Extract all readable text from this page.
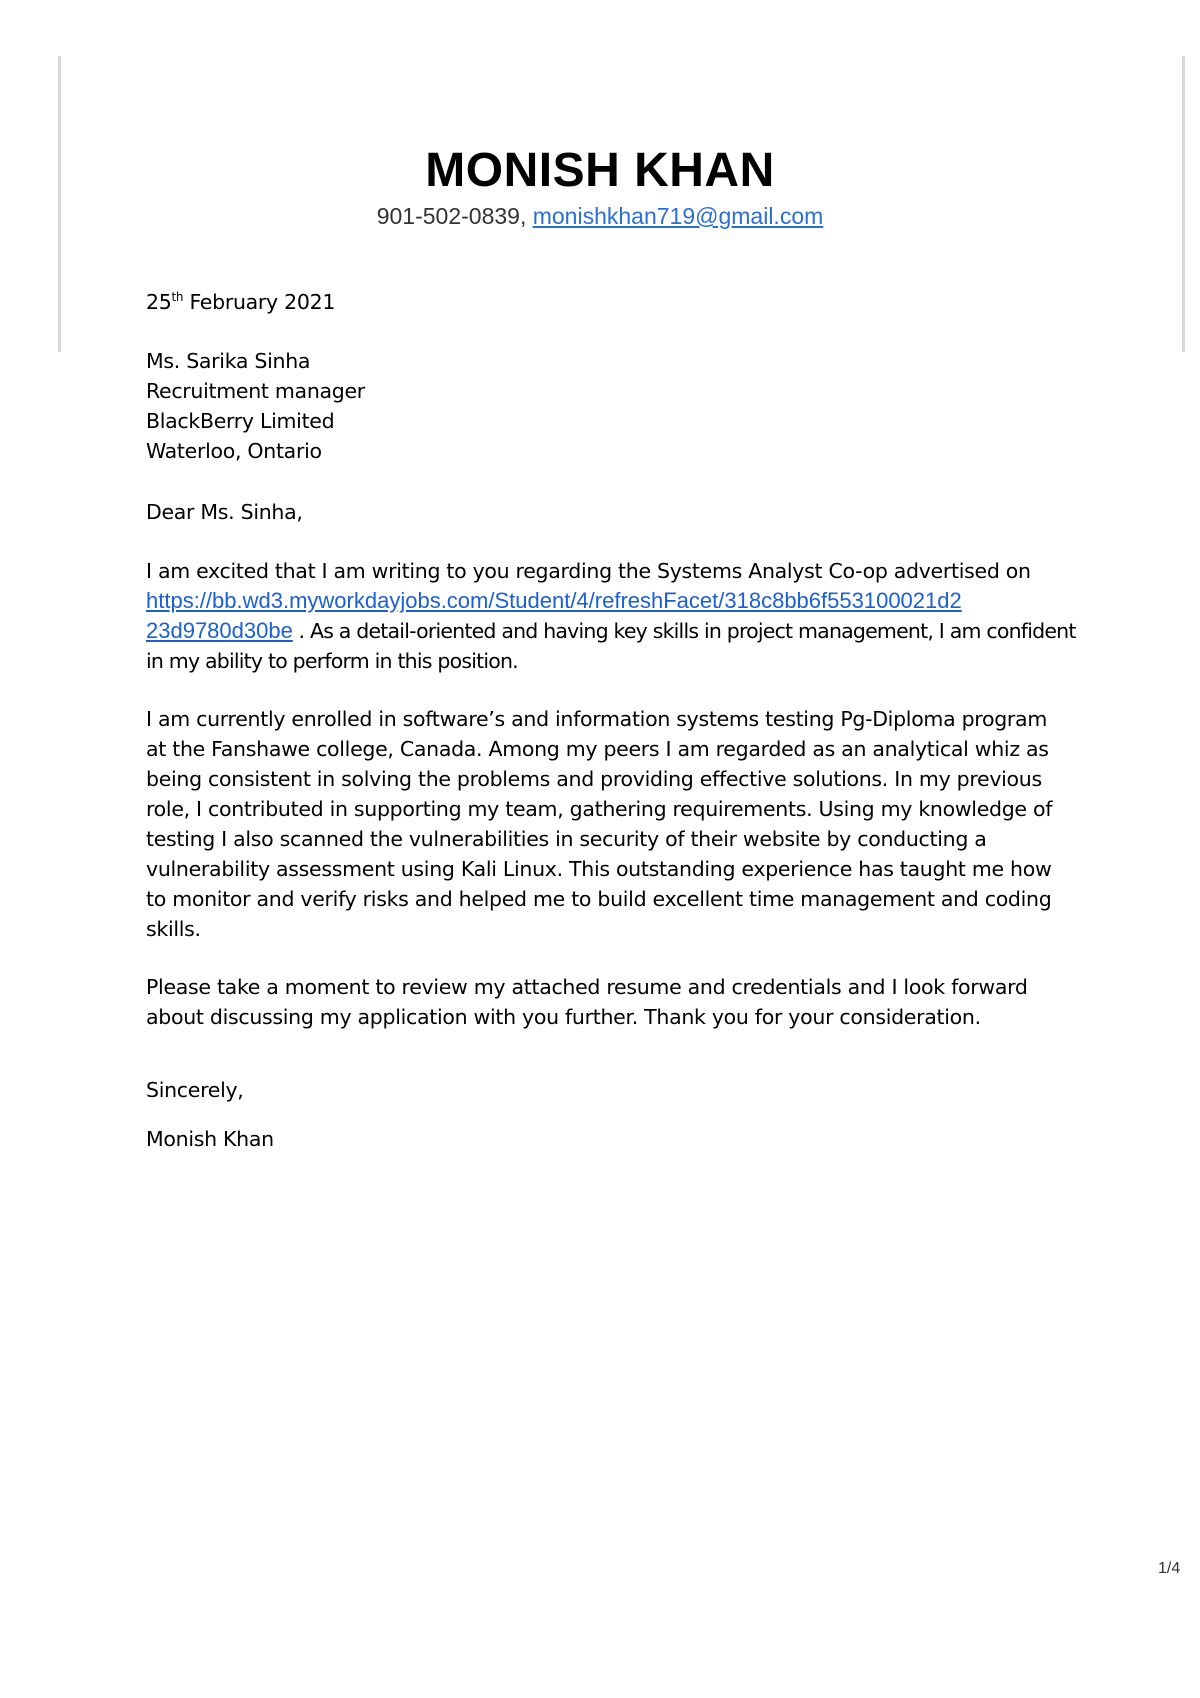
MONISH KHAN
901-502-0839, monishkhan719@gmail.com
25th February 2021
Ms. Sarika Sinha
Recruitment manager
BlackBerry Limited
Waterloo, Ontario
Dear Ms. Sinha,
I am excited that I am writing to you regarding the Systems Analyst Co-op advertised on
https://bb.wd3.myworkdayjobs.com/Student/4/refreshFacet/318c8bb6f553100021d2
23d9780d30be . As a detail-oriented and having key skills in project management, I am confident
in my ability to perform in this position.
I am currently enrolled in software’s and information systems testing Pg-Diploma program
at the Fanshawe college, Canada. Among my peers I am regarded as an analytical whiz as
being consistent in solving the problems and providing effective solutions. In my previous
role, I contributed in supporting my team, gathering requirements. Using my knowledge of
testing I also scanned the vulnerabilities in security of their website by conducting a
vulnerability assessment using Kali Linux. This outstanding experience has taught me how
to monitor and verify risks and helped me to build excellent time management and coding
skills.
Please take a moment to review my attached resume and credentials and I look forward
about discussing my application with you further. Thank you for your consideration.
Sincerely,
Monish Khan
1/4
